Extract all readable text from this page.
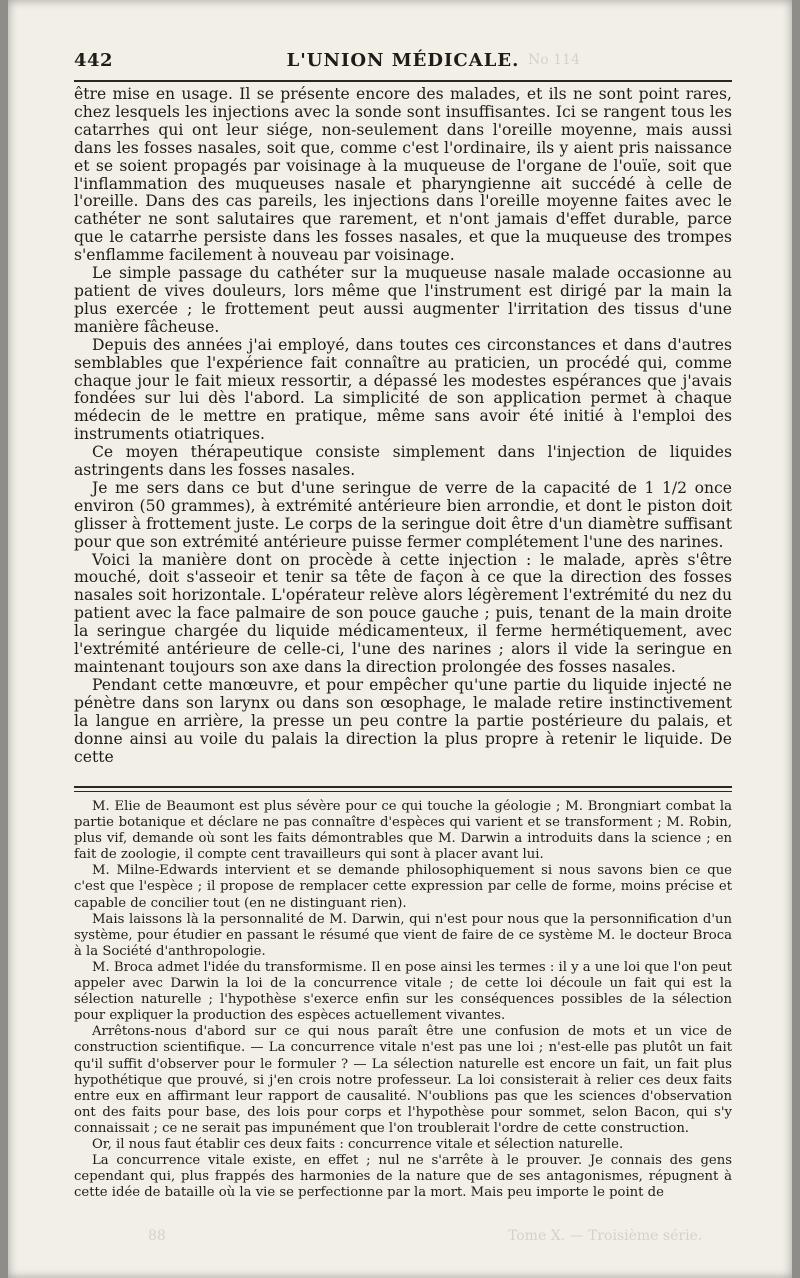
No 114
442	L'UNION MÉDICALE.

être mise en usage. Il se présente encore des malades, et ils ne sont point rares, chez lesquels les injections avec la sonde sont insuffisantes. Ici se rangent tous les catarrhes qui ont leur siége, non-seulement dans l'oreille moyenne, mais aussi dans les fosses nasales, soit que, comme c'est l'ordinaire, ils y aient pris naissance et se soient propagés par voisinage à la muqueuse de l'organe de l'ouïe, soit que l'inflammation des muqueuses nasale et pharyngienne ait succédé à celle de l'oreille. Dans des cas pareils, les injections dans l'oreille moyenne faites avec le cathéter ne sont salutaires que rarement, et n'ont jamais d'effet durable, parce que le catarrhe persiste dans les fosses nasales, et que la muqueuse des trompes s'enflamme facilement à nouveau par voisinage.

Le simple passage du cathéter sur la muqueuse nasale malade occasionne au patient de vives douleurs, lors même que l'instrument est dirigé par la main la plus exercée ; le frottement peut aussi augmenter l'irritation des tissus d'une manière fâcheuse.

Depuis des années j'ai employé, dans toutes ces circonstances et dans d'autres semblables que l'expérience fait connaître au praticien, un procédé qui, comme chaque jour le fait mieux ressortir, a dépassé les modestes espérances que j'avais fondées sur lui dès l'abord. La simplicité de son application permet à chaque médecin de le mettre en pratique, même sans avoir été initié à l'emploi des instruments otiatriques.

Ce moyen thérapeutique consiste simplement dans l'injection de liquides astringents dans les fosses nasales.

Je me sers dans ce but d'une seringue de verre de la capacité de 1 1/2 once environ (50 grammes), à extrémité antérieure bien arrondie, et dont le piston doit glisser à frottement juste. Le corps de la seringue doit être d'un diamètre suffisant pour que son extrémité antérieure puisse fermer complétement l'une des narines.

Voici la manière dont on procède à cette injection : le malade, après s'être mouché, doit s'asseoir et tenir sa tête de façon à ce que la direction des fosses nasales soit horizontale. L'opérateur relève alors légèrement l'extrémité du nez du patient avec la face palmaire de son pouce gauche ; puis, tenant de la main droite la seringue chargée du liquide médicamenteux, il ferme hermétiquement, avec l'extrémité antérieure de celle-ci, l'une des narines ; alors il vide la seringue en maintenant toujours son axe dans la direction prolongée des fosses nasales.

Pendant cette manœuvre, et pour empêcher qu'une partie du liquide injecté ne pénètre dans son larynx ou dans son œsophage, le malade retire instinctivement la langue en arrière, la presse un peu contre la partie postérieure du palais, et donne ainsi au voile du palais la direction la plus propre à retenir le liquide. De cette

M. Elie de Beaumont est plus sévère pour ce qui touche la géologie ; M. Brongniart combat la partie botanique et déclare ne pas connaître d'espèces qui varient et se transforment ; M. Robin, plus vif, demande où sont les faits démontrables que M. Darwin a introduits dans la science ; en fait de zoologie, il compte cent travailleurs qui sont à placer avant lui.

M. Milne-Edwards intervient et se demande philosophiquement si nous savons bien ce que c'est que l'espèce ; il propose de remplacer cette expression par celle de forme, moins précise et capable de concilier tout (en ne distinguant rien).

Mais laissons là la personnalité de M. Darwin, qui n'est pour nous que la personnification d'un système, pour étudier en passant le résumé que vient de faire de ce système M. le docteur Broca à la Société d'anthropologie.

M. Broca admet l'idée du transformisme. Il en pose ainsi les termes : il y a une loi que l'on peut appeler avec Darwin la loi de la concurrence vitale ; de cette loi découle un fait qui est la sélection naturelle ; l'hypothèse s'exerce enfin sur les conséquences possibles de la sélection pour expliquer la production des espèces actuellement vivantes.

Arrêtons-nous d'abord sur ce qui nous paraît être une confusion de mots et un vice de construction scientifique. — La concurrence vitale n'est pas une loi ; n'est-elle pas plutôt un fait qu'il suffit d'observer pour le formuler ? — La sélection naturelle est encore un fait, un fait plus hypothétique que prouvé, si j'en crois notre professeur. La loi consisterait à relier ces deux faits entre eux en affirmant leur rapport de causalité. N'oublions pas que les sciences d'observation ont des faits pour base, des lois pour corps et l'hypothèse pour sommet, selon Bacon, qui s'y connaissait ; ce ne serait pas impunément que l'on troublerait l'ordre de cette construction.

Or, il nous faut établir ces deux faits : concurrence vitale et sélection naturelle.

La concurrence vitale existe, en effet ; nul ne s'arrête à le prouver. Je connais des gens cependant qui, plus frappés des harmonies de la nature que de ses antagonismes, répugnent à cette idée de bataille où la vie se perfectionne par la mort. Mais peu importe le point de

88	Tome X. — Troisième série.
